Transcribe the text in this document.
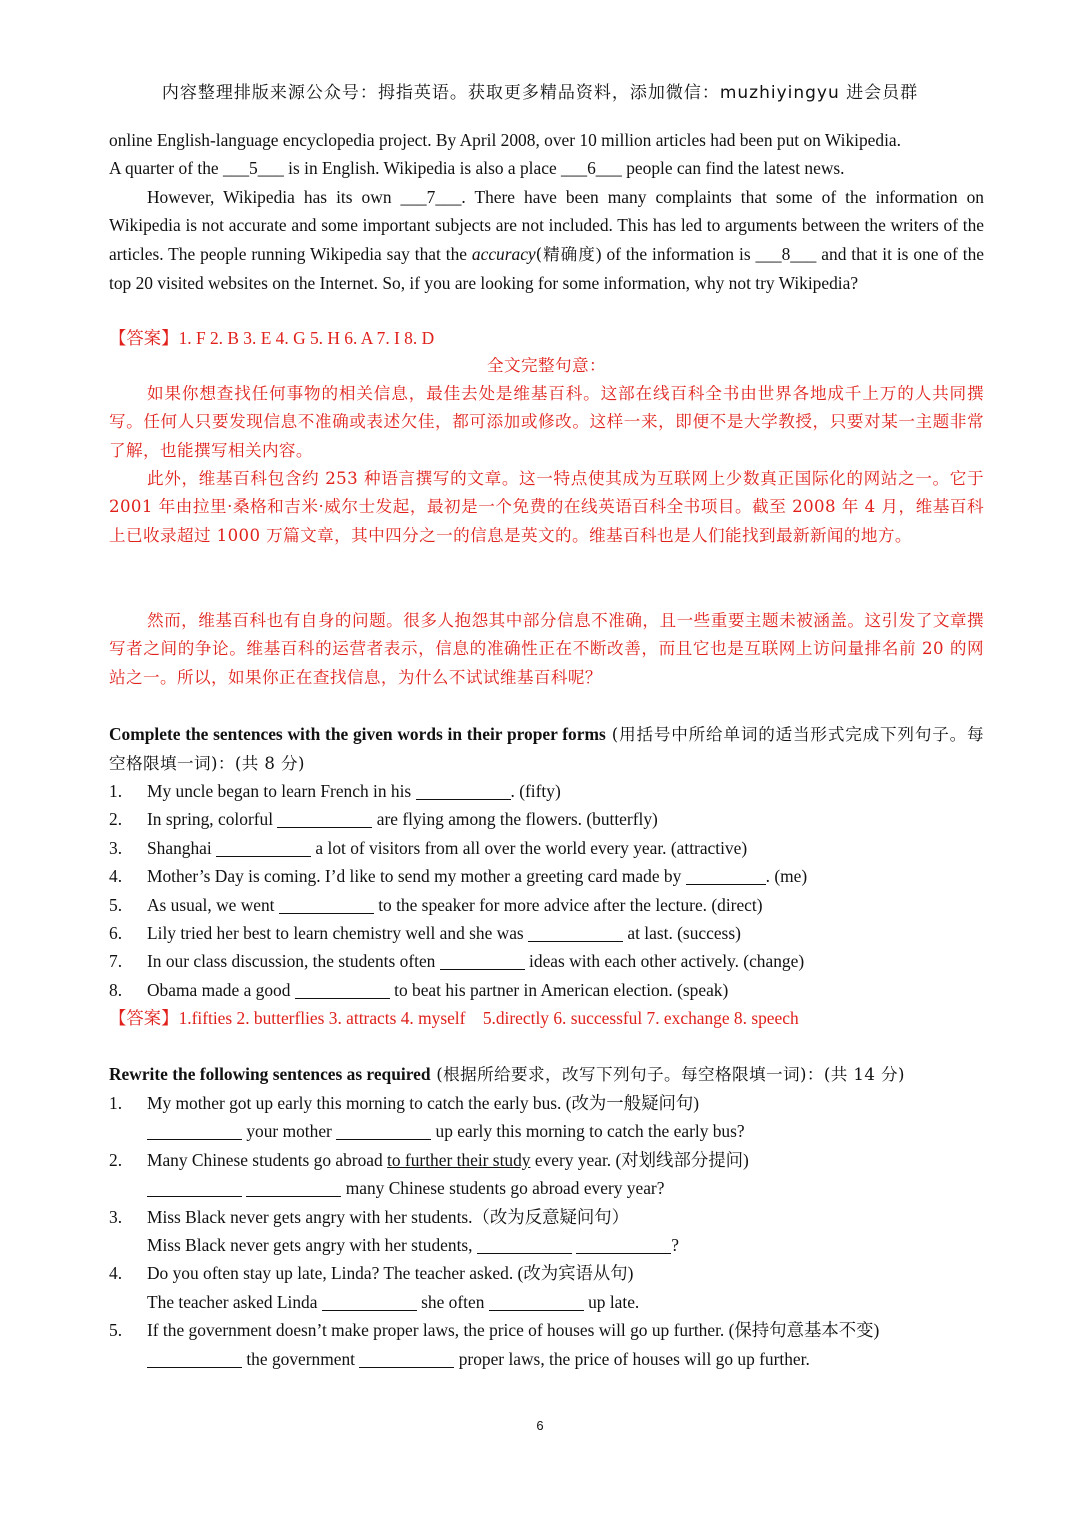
内容整理排版来源公众号：拇指英语。获取更多精品资料，添加微信：muzhiyingyu 进会员群
online English-language encyclopedia project. By April 2008, over 10 million articles had been put on Wikipedia.
A quarter of the ___5___ is in English. Wikipedia is also a place ___6___ people can find the latest news.
However, Wikipedia has its own ___7___. There have been many complaints that some of the information on Wikipedia is not accurate and some important subjects are not included. This has led to arguments between the writers of the articles. The people running Wikipedia say that the accuracy(精确度) of the information is ___8___ and that it is one of the top 20 visited websites on the Internet. So, if you are looking for some information, why not try Wikipedia?
【答案】1. F 2. B 3. E 4. G 5. H 6. A 7. I 8. D
全文完整句意：
如果你想查找任何事物的相关信息，最佳去处是维基百科。这部在线百科全书由世界各地成千上万的人共同撰写。任何人只要发现信息不准确或表述欠佳，都可添加或修改。这样一来，即便不是大学教授，只要对某一主题非常了解，也能撰写相关内容。
此外，维基百科包含约 253 种语言撰写的文章。这一特点使其成为互联网上少数真正国际化的网站之一。它于 2001 年由拉里·桑格和吉米·威尔士发起，最初是一个免费的在线英语百科全书项目。截至 2008 年 4 月，维基百科上已收录超过 1000 万篇文章，其中四分之一的信息是英文的。维基百科也是人们能找到最新新闻的地方。
然而，维基百科也有自身的问题。很多人抱怨其中部分信息不准确，且一些重要主题未被涵盖。这引发了文章撰写者之间的争论。维基百科的运营者表示，信息的准确性正在不断改善，而且它也是互联网上访问量排名前 20 的网站之一。所以，如果你正在查找信息，为什么不试试维基百科呢？
Complete the sentences with the given words in their proper forms (用括号中所给单词的适当形式完成下列句子。每空格限填一词)：(共 8 分)
1. My uncle began to learn French in his	. (fifty)
2. In spring, colorful	are flying among the flowers. (butterfly)
3. Shanghai	a lot of visitors from all over the world every year. (attractive)
4. Mother’s Day is coming. I’d like to send my mother a greeting card made by	. (me)
5. As usual, we went	to the speaker for more advice after the lecture. (direct)
6. Lily tried her best to learn chemistry well and she was	at last. (success)
7. In our class discussion, the students often	ideas with each other actively. (change)
8. Obama made a good	to beat his partner in American election. (speak)
【答案】1.fifties 2. butterflies 3. attracts 4. myself    5.directly 6. successful 7. exchange 8. speech
Rewrite the following sentences as required (根据所给要求，改写下列句子。每空格限填一词)：(共 14 分)
1. My mother got up early this morning to catch the early bus. (改为一般疑问句)
your mother	up early this morning to catch the early bus?
2. Many Chinese students go abroad to further their study every year. (对划线部分提问)
many Chinese students go abroad every year?
3. Miss Black never gets angry with her students.（改为反意疑问句）
Miss Black never gets angry with her students,	?
4. Do you often stay up late, Linda? The teacher asked. (改为宾语从句)
The teacher asked Linda	she often	up late.
5. If the government doesn’t make proper laws, the price of houses will go up further. (保持句意基本不变)
the government	proper laws, the price of houses will go up further.
6
